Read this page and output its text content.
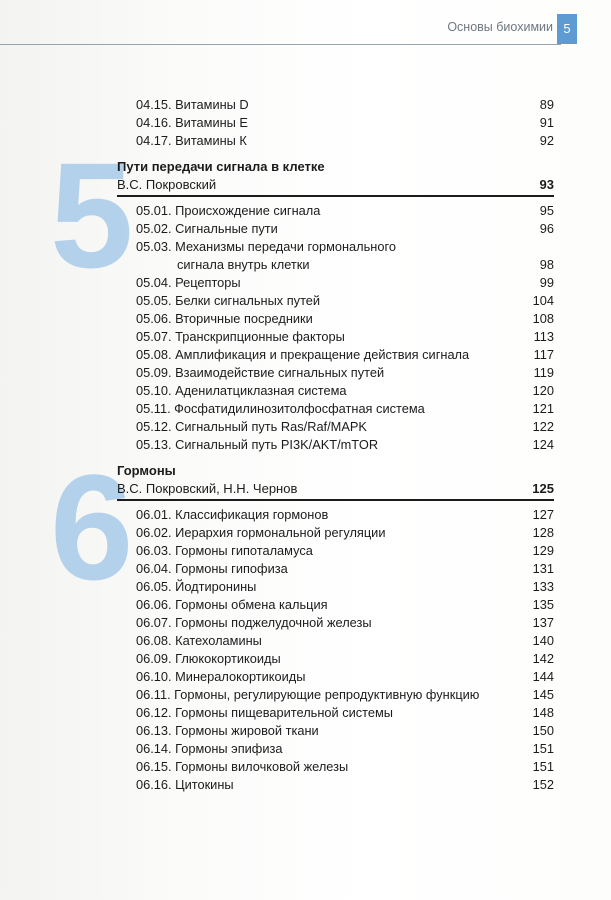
Основы биохимии 5
5
6
04.15. Витамины D	89
04.16. Витамины Е	91
04.17. Витамины К	92
Пути передачи сигнала в клетке
В.С. Покровский	93
05.01. Происхождение сигнала	95
05.02. Сигнальные пути	96
05.03. Механизмы передачи гормонального
сигнала внутрь клетки	98
05.04. Рецепторы	99
05.05. Белки сигнальных путей	104
05.06. Вторичные посредники	108
05.07. Транскрипционные факторы	113
05.08. Амплификация и прекращение действия сигнала	117
05.09. Взаимодействие сигнальных путей	119
05.10. Аденилатциклазная система	120
05.11. Фосфатидилинозитолфосфатная система	121
05.12. Сигнальный путь Ras/Raf/MAPK	122
05.13. Сигнальный путь PI3K/AKT/mTOR	124
Гормоны
В.С. Покровский, Н.Н. Чернов	125
06.01. Классификация гормонов	127
06.02. Иерархия гормональной регуляции	128
06.03. Гормоны гипоталамуса	129
06.04. Гормоны гипофиза	131
06.05. Йодтиронины	133
06.06. Гормоны обмена кальция	135
06.07. Гормоны поджелудочной железы	137
06.08. Катехоламины	140
06.09. Глюкокортикоиды	142
06.10. Минералокортикоиды	144
06.11. Гормоны, регулирующие репродуктивную функцию	145
06.12. Гормоны пищеварительной системы	148
06.13. Гормоны жировой ткани	150
06.14. Гормоны эпифиза	151
06.15. Гормоны вилочковой железы	151
06.16. Цитокины	152
